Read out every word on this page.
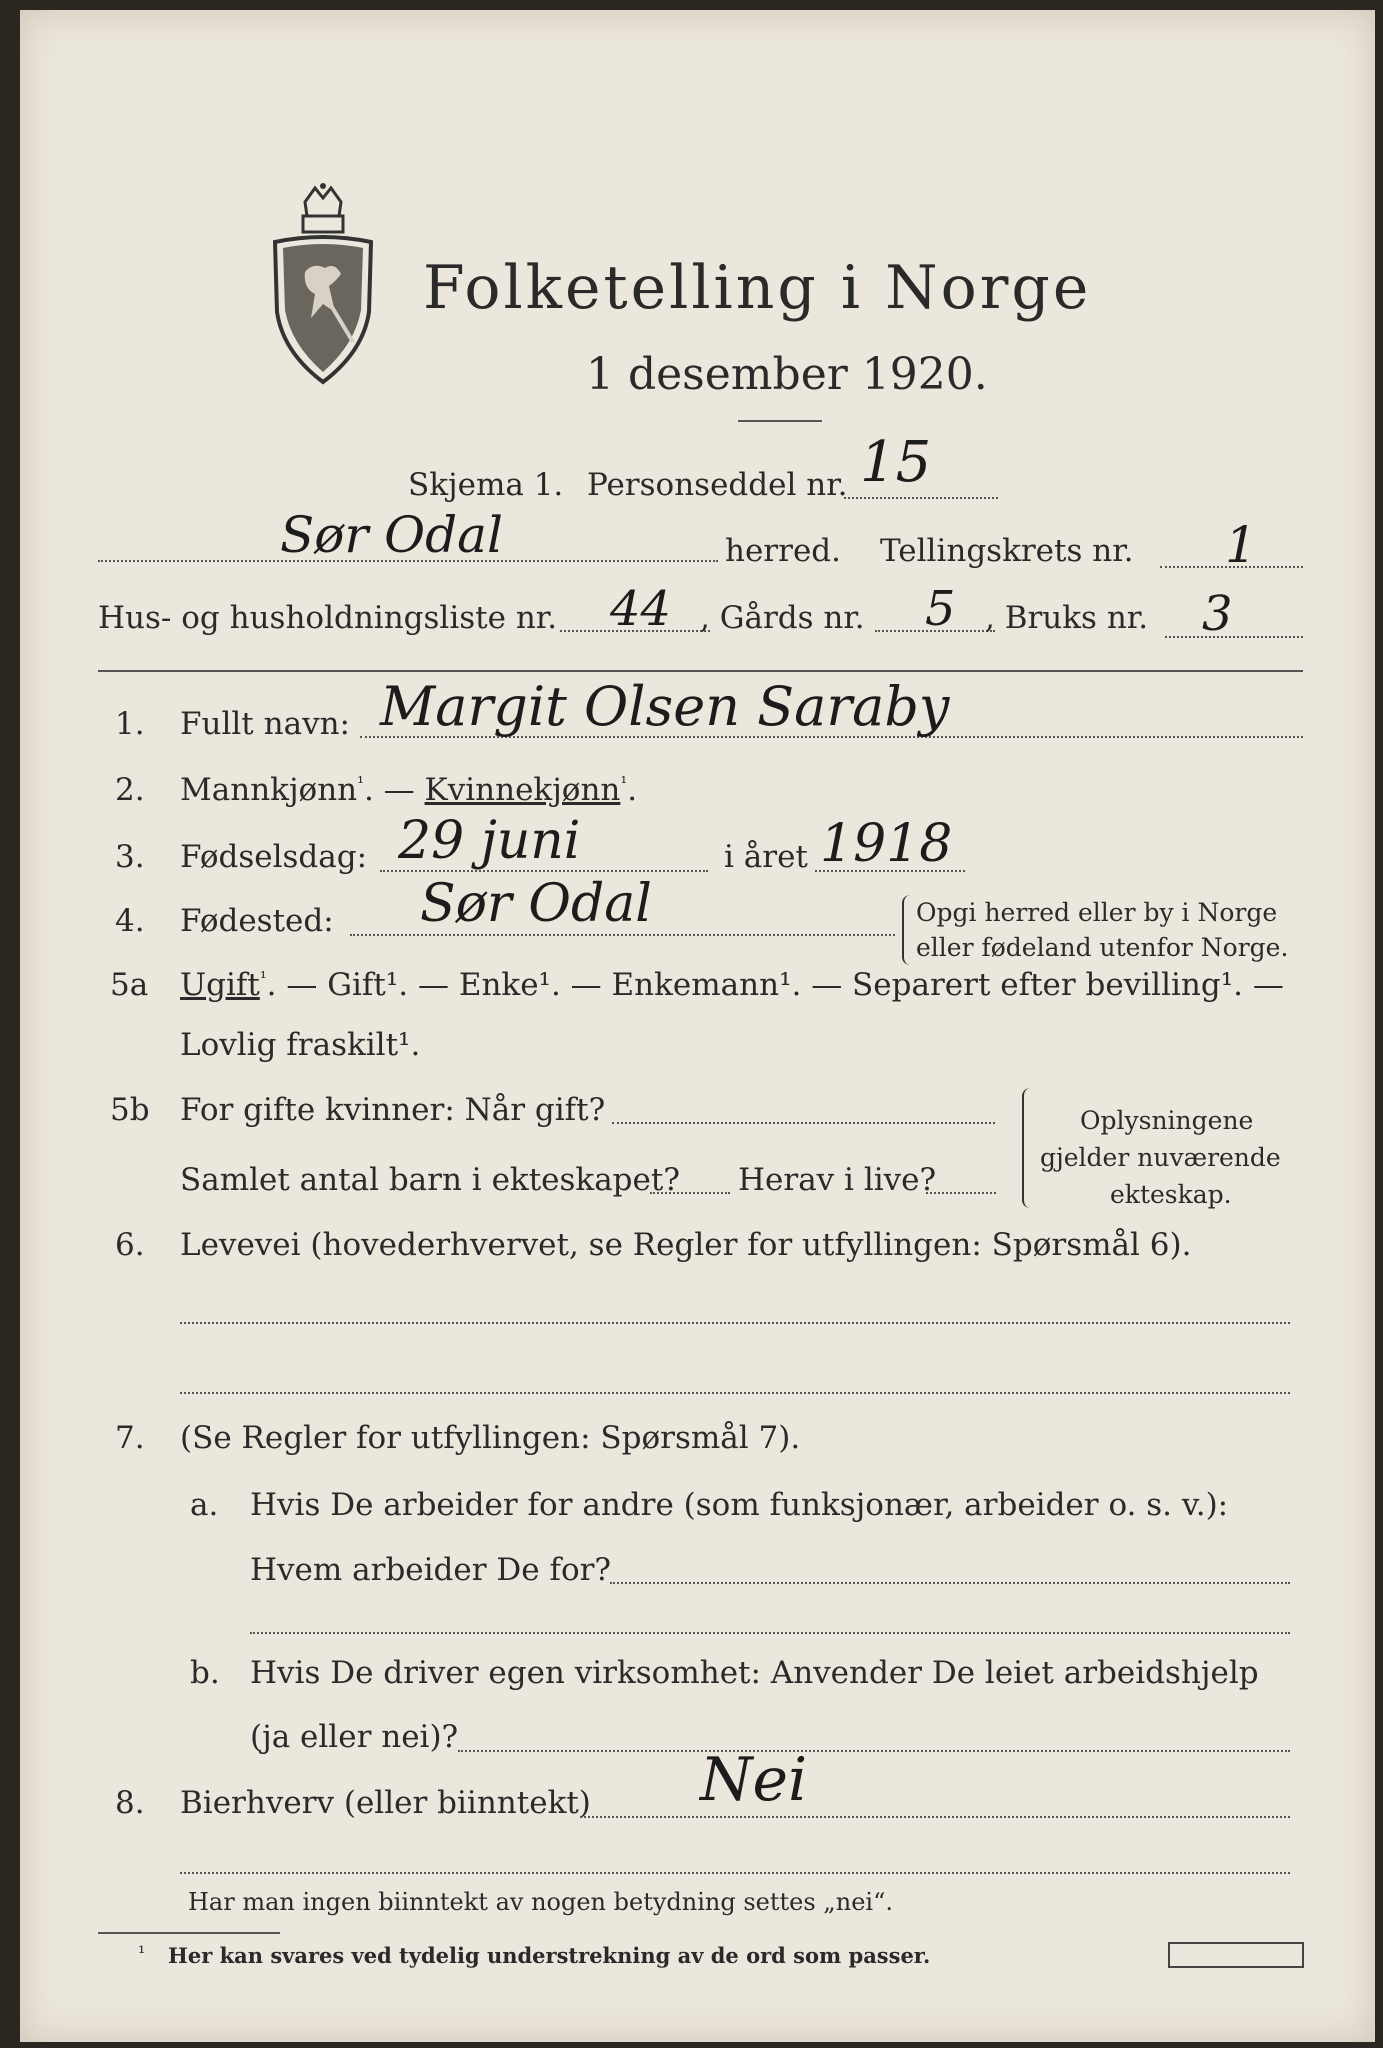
Folketelling i Norge
1 desember 1920.
Skjema 1. Personseddel nr. 15
Sør Odal	herred. Tellingskrets nr. 1
Hus- og husholdningsliste nr. 44 , Gårds nr. 5 , Bruks nr. 3
1. Fullt navn: Margit Olsen Saraby
2. Mannkjønn$^{^1}$. — Kvinnekjønn$^{^1}$.
3. Fødselsdag: 29 juni	i året 1918
4. Fødested: Sør Odal	Opgi herred eller by i Norge
eller fødeland utenfor Norge.
5a Ugift$^{^1}$. — Gift¹. — Enke¹. — Enkemann¹. — Separert efter bevilling¹. —
Lovlig fraskilt¹.
5b For gifte kvinner: Når gift?
Samlet antal barn i ekteskapet? Herav i live?
Oplysningene
gjelder nuværende
ekteskap.
6. Levevei (hovederhvervet, se Regler for utfyllingen: Spørsmål 6).
7. (Se Regler for utfyllingen: Spørsmål 7).
a. Hvis De arbeider for andre (som funksjonær, arbeider o. s. v.):
Hvem arbeider De for?
b. Hvis De driver egen virksomhet: Anvender De leiet arbeidshjelp
(ja eller nei)?
8. Bierhverv (eller biinntekt) Nei
Har man ingen biinntekt av nogen betydning settes „nei“.
¹ Her kan svares ved tydelig understrekning av de ord som passer.
